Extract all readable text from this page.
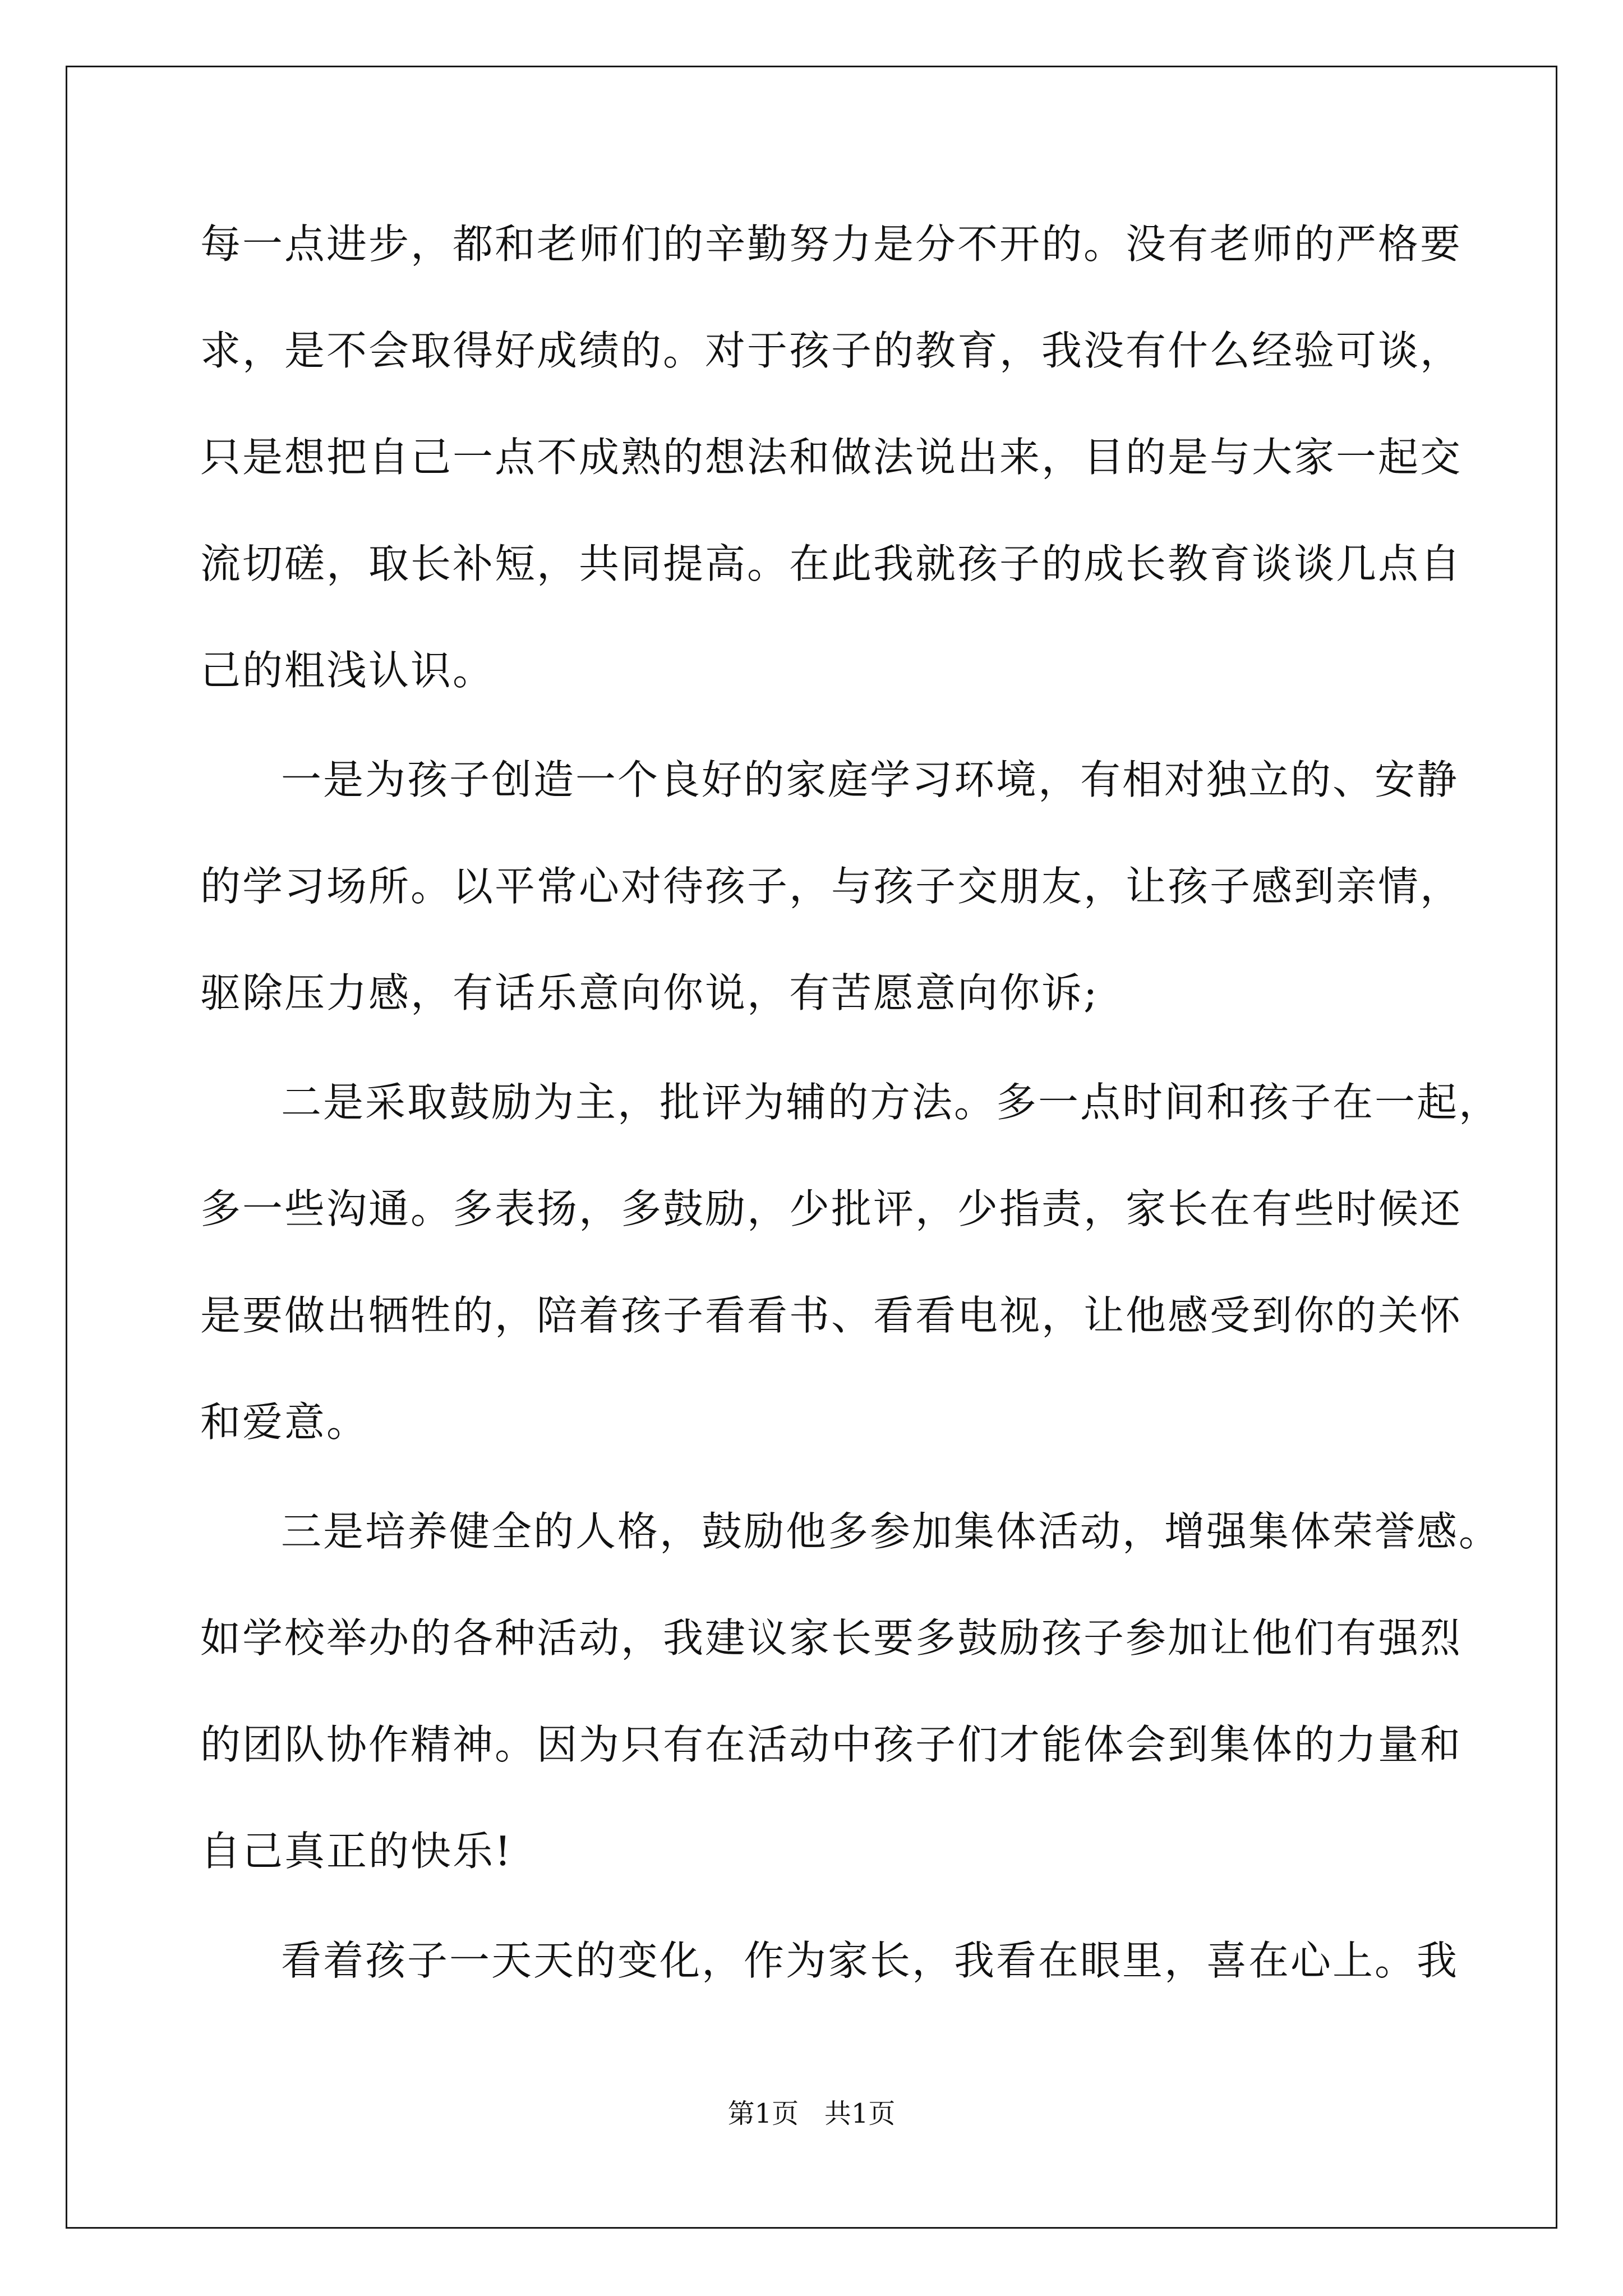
每一点进步，都和老师们的辛勤努力是分不开的。没有老师的严格要
求，是不会取得好成绩的。对于孩子的教育，我没有什么经验可谈，
只是想把自己一点不成熟的想法和做法说出来，目的是与大家一起交
流切磋，取长补短，共同提高。在此我就孩子的成长教育谈谈几点自
己的粗浅认识。
一是为孩子创造一个良好的家庭学习环境，有相对独立的、安静
的学习场所。以平常心对待孩子，与孩子交朋友，让孩子感到亲情，
驱除压力感，有话乐意向你说，有苦愿意向你诉;
二是采取鼓励为主，批评为辅的方法。多一点时间和孩子在一起，
多一些沟通。多表扬，多鼓励，少批评，少指责，家长在有些时候还
是要做出牺牲的，陪着孩子看看书、看看电视，让他感受到你的关怀
和爱意。
三是培养健全的人格，鼓励他多参加集体活动，增强集体荣誉感。
如学校举办的各种活动，我建议家长要多鼓励孩子参加让他们有强烈
的团队协作精神。因为只有在活动中孩子们才能体会到集体的力量和
自己真正的快乐!
看着孩子一天天的变化，作为家长，我看在眼里，喜在心上。我
第1页   共1页
